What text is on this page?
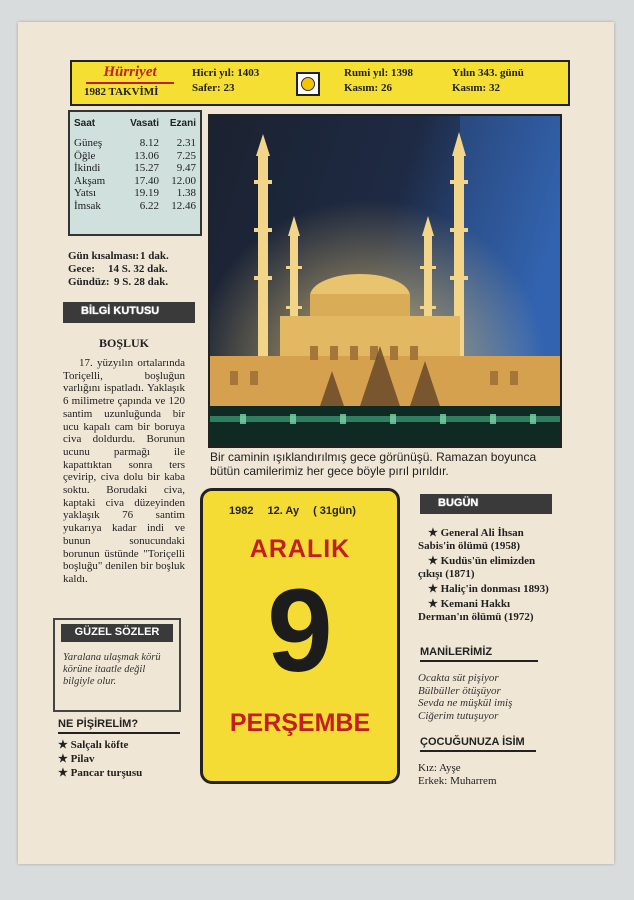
Hürriyet
1982 TAKVİMİ
Hicri yıl: 1403
Safer: 23
Rumi yıl: 1398
Kasım: 26
Yılın 343. günü
Kasım: 32
Saat	Vasati	Ezani
Güneş	8.12	2.31
Öğle	13.06	7.25
İkindi	15.27	9.47
Akşam	17.40	12.00
Yatsı	19.19	1.38
İmsak	6.22	12.46
Gün kısalması: 1 dak.
Gece:	14 S. 32 dak.
Gündüz: 9 S. 28 dak.
BİLGİ KUTUSU
BOŞLUK
17. yüzyılın ortalarında Toriçelli, boşluğun varlığını ispatladı. Yaklaşık 6 milimetre çapında ve 120 santim uzunluğunda bir ucu kapalı cam bir boruya civa doldurdu. Borunun ucunu parmağı ile kapattıktan sonra ters çevirip, civa dolu bir kaba soktu. Borudaki civa, kaptaki civa düzeyinden yaklaşık 76 santim yukarıya kadar indi ve bunun sonucundaki borunun üstünde "Toriçelli boşluğu" denilen bir boşluk kaldı.
Bir caminin ışıklandırılmış gece görünüşü. Ramazan boyunca bütün camilerimiz her gece böyle pırıl pırıldır.
1982 12. Ay ( 31gün)
ARALIK
9
PERŞEMBE
BUGÜN
★ General Ali İhsan Sabis'in ölümü (1958)
★ Kudüs'ün elimizden çıkışı (1871)
★ Haliç'in donması 1893)
★ Kemani Hakkı Derman'ın ölümü (1972)
MANİLERİMİZ
Ocakta süt pişiyor
Bülbüller ötüşüyor
Sevda ne müşkül imiş
Ciğerim tutuşuyor
ÇOCUĞUNUZA İSİM
Kız: Ayşe
Erkek: Muharrem
GÜZEL SÖZLER
Yaralana ulaşmak körü körüne itaatle değil bilgiyle olur.
NE PİŞİRELİM?
★ Salçalı köfte
★ Pilav
★ Pancar turşusu
